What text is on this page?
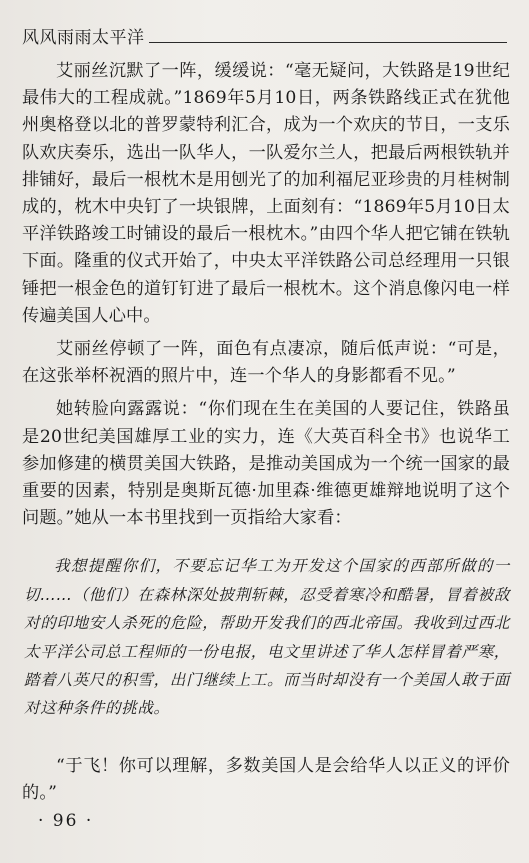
风风雨雨太平洋

艾丽丝沉默了一阵，缓缓说：“毫无疑问，大铁路是19世纪最伟大的工程成就。”1869年5月10日，两条铁路线正式在犹他州奥格登以北的普罗蒙特利汇合，成为一个欢庆的节日，一支乐队欢庆奏乐，选出一队华人，一队爱尔兰人，把最后两根铁轨并排铺好，最后一根枕木是用刨光了的加利福尼亚珍贵的月桂树制成的，枕木中央钉了一块银牌，上面刻有：“1869年5月10日太平洋铁路竣工时铺设的最后一根枕木。”由四个华人把它铺在铁轨下面。隆重的仪式开始了，中央太平洋铁路公司总经理用一只银锤把一根金色的道钉钉进了最后一根枕木。这个消息像闪电一样传遍美国人心中。

艾丽丝停顿了一阵，面色有点凄凉，随后低声说：“可是，在这张举杯祝酒的照片中，连一个华人的身影都看不见。”

她转脸向露露说：“你们现在生在美国的人要记住，铁路虽是20世纪美国雄厚工业的实力，连《大英百科全书》也说华工参加修建的横贯美国大铁路，是推动美国成为一个统一国家的最重要的因素，特别是奥斯瓦德·加里森·维德更雄辩地说明了这个问题。”她从一本书里找到一页指给大家看：

我想提醒你们，不要忘记华工为开发这个国家的西部所做的一切……（他们）在森林深处披荆斩棘，忍受着寒冷和酷暑，冒着被敌对的印地安人杀死的危险，帮助开发我们的西北帝国。我收到过西北太平洋公司总工程师的一份电报，电文里讲述了华人怎样冒着严寒，踏着八英尺的积雪，出门继续上工。而当时却没有一个美国人敢于面对这种条件的挑战。

“于飞！你可以理解，多数美国人是会给华人以正义的评价的。”

· 96 ·
